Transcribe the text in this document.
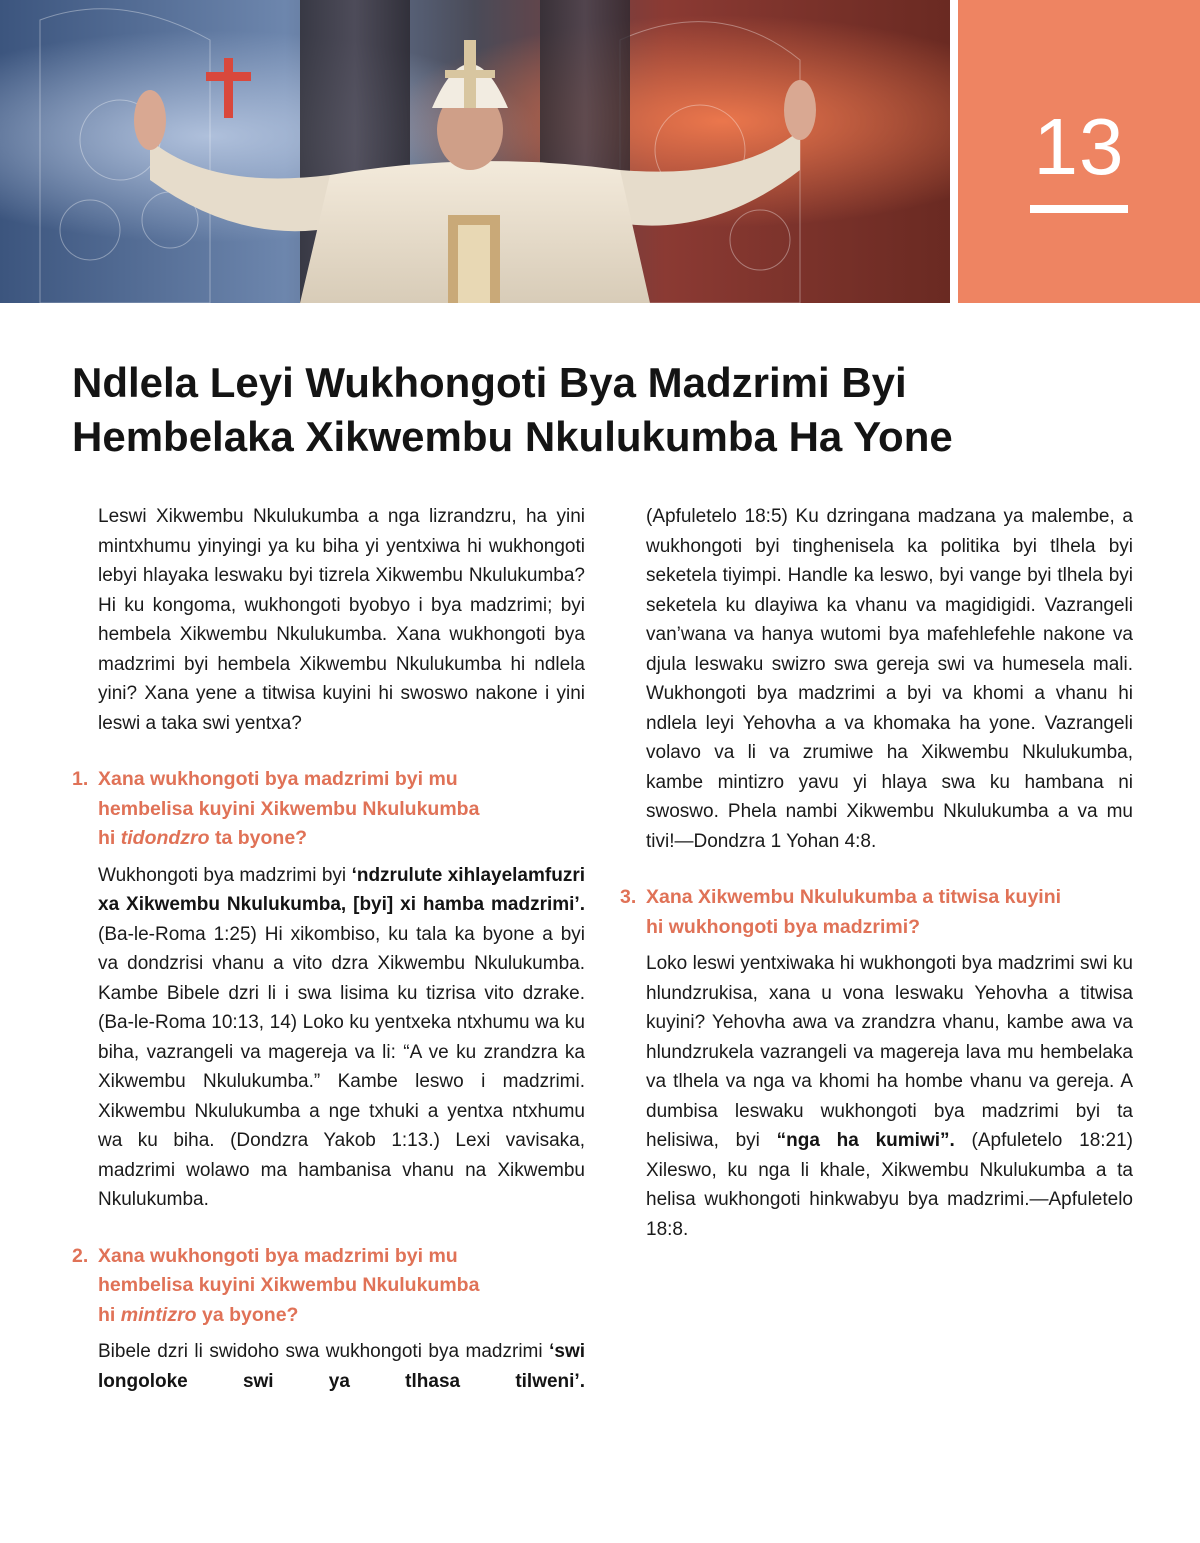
13
Ndlela Leyi Wukhongoti Bya Madzrimi Byi
Hembelaka Xikwembu Nkulukumba Ha Yone

Leswi Xikwembu Nkulukumba a nga lizrandzru, ha yini mintxhumu yinyingi ya ku biha yi yentxiwa hi wukhongoti lebyi hlayaka leswaku byi tizrela Xikwembu Nkulukumba? Hi ku kongoma, wukhongoti byobyo i bya madzrimi; byi hembela Xikwembu Nkulukumba. Xana wukhongoti bya madzrimi byi hembela Xikwembu Nkulukumba hi ndlela yini? Xana yene a titwisa kuyini hi swoswo nakone i yini leswi a taka swi yentxa?

1. Xana wukhongoti bya madzrimi byi mu
hembelisa kuyini Xikwembu Nkulukumba
hi tidondzro ta byone?

Wukhongoti bya madzrimi byi ‘ndzrulute xihlayelamfuzri xa Xikwembu Nkulukumba, [byi] xi hamba madzrimi’. (Ba-le-Roma 1:25) Hi xikombiso, ku tala ka byone a byi va dondzrisi vhanu a vito dzra Xikwembu Nkulukumba. Kambe Bibele dzri li i swa lisima ku tizrisa vito dzrake. (Ba-le-Roma 10:13, 14) Loko ku yentxeka ntxhumu wa ku biha, vazrangeli va magereja va li: “A ve ku zrandzra ka Xikwembu Nkulukumba.” Kambe leswo i madzrimi. Xikwembu Nkulukumba a nge txhuki a yentxa ntxhumu wa ku biha. (Dondzra Yakob 1:13.) Lexi vavisaka, madzrimi wolawo ma hambanisa vhanu na Xikwembu Nkulukumba.

2. Xana wukhongoti bya madzrimi byi mu
hembelisa kuyini Xikwembu Nkulukumba
hi mintizro ya byone?

Bibele dzri li swidoho swa wukhongoti bya madzrimi ‘swi longoloke swi ya tlhasa tilweni’.

(Apfuletelo 18:5) Ku dzringana madzana ya malembe, a wukhongoti byi tinghenisela ka politika byi tlhela byi seketela tiyimpi. Handle ka leswo, byi vange byi tlhela byi seketela ku dlayiwa ka vhanu va magidigidi. Vazrangeli van’wana va hanya wutomi bya mafehlefehle nakone va djula leswaku swizro swa gereja swi va humesela mali. Wukhongoti bya madzrimi a byi va khomi a vhanu hi ndlela leyi Yehovha a va khomaka ha yone. Vazrangeli volavo va li va zrumiwe ha Xikwembu Nkulukumba, kambe mintizro yavu yi hlaya swa ku hambana ni swoswo. Phela nambi Xikwembu Nkulukumba a va mu tivi!—Dondzra 1 Yohan 4:8.

3. Xana Xikwembu Nkulukumba a titwisa kuyini
hi wukhongoti bya madzrimi?

Loko leswi yentxiwaka hi wukhongoti bya madzrimi swi ku hlundzrukisa, xana u vona leswaku Yehovha a titwisa kuyini? Yehovha awa va zrandzra vhanu, kambe awa va hlundzrukela vazrangeli va magereja lava mu hembelaka va tlhela va nga va khomi ha hombe vhanu va gereja. A dumbisa leswaku wukhongoti bya madzrimi byi ta helisiwa, byi “nga ha kumiwi”. (Apfuletelo 18:21) Xileswo, ku nga li khale, Xikwembu Nkulukumba a ta helisa wukhongoti hinkwabyu bya madzrimi.—Apfuletelo 18:8.
